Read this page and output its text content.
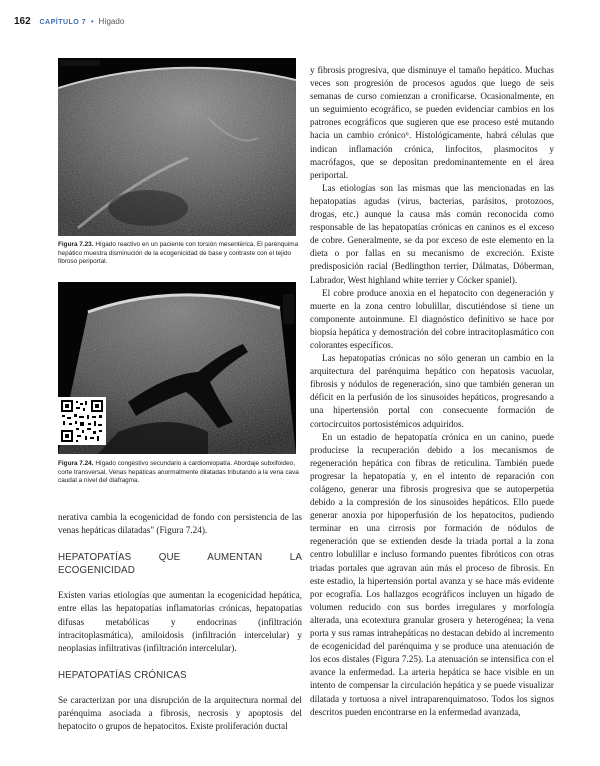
162 CAPÍTULO 7 • Hígado
Figura 7.23. Hígado reactivo en un paciente con torsión mesentérica. El parénquima hepático muestra disminución de la ecogenicidad de base y contraste con el tejido fibroso periportal.
Figura 7.24. Hígado congestivo secundario a cardiomiopatía. Abordaje subxifoideo, corte transversal. Venas hepáticas anormalmente dilatadas tributando a la vena cava caudal a nivel del diafragma.

nerativa cambia la ecogenicidad de fondo con persistencia de las venas hepáticas dilatadas" (Figura 7.24).

HEPATOPATÍAS QUE AUMENTAN LA ECOGENICIDAD

Existen varias etiologías que aumentan la ecogenicidad hepática, entre ellas las hepatopatías inflamatorias crónicas, hepatopatías difusas metabólicas y endocrinas (infiltración intracitoplasmática), amiloidosis (infiltración intercelular) y neoplasias infiltrativas (infiltración intercelular).

HEPATOPATÍAS CRÓNICAS

Se caracterizan por una disrupción de la arquitectura normal del parénquima asociada a fibrosis, necrosis y apoptosis del hepatocito o grupos de hepatocitos. Existe proliferación ductal

y fibrosis progresiva, que disminuye el tamaño hepático. Muchas veces son progresión de procesos agudos que luego de seis semanas de curso comienzan a cronificarse. Ocasionalmente, en un seguimiento ecográfico, se pueden evidenciar cambios en los patrones ecográficos que sugieren que ese proceso esté mutando hacia un cambio crónico⁶. Histológicamente, habrá células que indican inflamación crónica, linfocitos, plasmocitos y macrófagos, que se depositan predominantemente en el área periportal.

Las etiologías son las mismas que las mencionadas en las hepatopatías agudas (virus, bacterias, parásitos, protozoos, drogas, etc.) aunque la causa más común reconocida como responsable de las hepatopatías crónicas en caninos es el exceso de cobre. Generalmente, se da por exceso de este elemento en la dieta o por fallas en su mecanismo de excreción. Existe predisposición racial (Bedlingthon terrier, Dálmatas, Dóberman, Labrador, West highland white terrier y Cócker spaniel).

El cobre produce anoxia en el hepatocito con degeneración y muerte en la zona centro lobulillar, discutiéndose si tiene un componente autoinmune. El diagnóstico definitivo se hace por biopsia hepática y demostración del cobre intracitoplasmático con colorantes específicos.

Las hepatopatías crónicas no sólo generan un cambio en la arquitectura del parénquima hepático con hepatosis vacuolar, fibrosis y nódulos de regeneración, sino que también generan un déficit en la perfusión de los sinusoides hepáticos, progresando a una hipertensión portal con consecuente formación de cortocircuitos portosistémicos adquiridos.

En un estadio de hepatopatía crónica en un canino, puede producirse la recuperación debido a los mecanismos de regeneración hepática con fibras de reticulina. También puede progresar la hepatopatía y, en el intento de reparación con colágeno, generar una fibrosis progresiva que se autoperpetúa debido a la compresión de los sinusoides hepáticos. Ello puede generar anoxia por hipoperfusión de los hepatocitos, pudiendo terminar en una cirrosis por formación de nódulos de regeneración que se extienden desde la triada portal a la zona centro lobulillar e incluso formando puentes fibróticos con otras triadas portales que agravan aún más el proceso de fibrosis. En este estadio, la hipertensión portal avanza y se hace más evidente por ecografía. Los hallazgos ecográficos incluyen un hígado de volumen reducido con sus bordes irregulares y morfología alterada, una ecotextura granular grosera y heterogénea; la vena porta y sus ramas intrahepáticas no destacan debido al incremento de ecogenicidad del parénquima y se produce una atenuación de los ecos distales (Figura 7.25). La atenuación se intensifica con el avance la enfermedad. La arteria hepática se hace visible en un intento de compensar la circulación hepática y se puede visualizar dilatada y tortuosa a nivel intraparenquimatoso. Todos los signos descritos pueden encontrarse en la enfermedad avanzada,
